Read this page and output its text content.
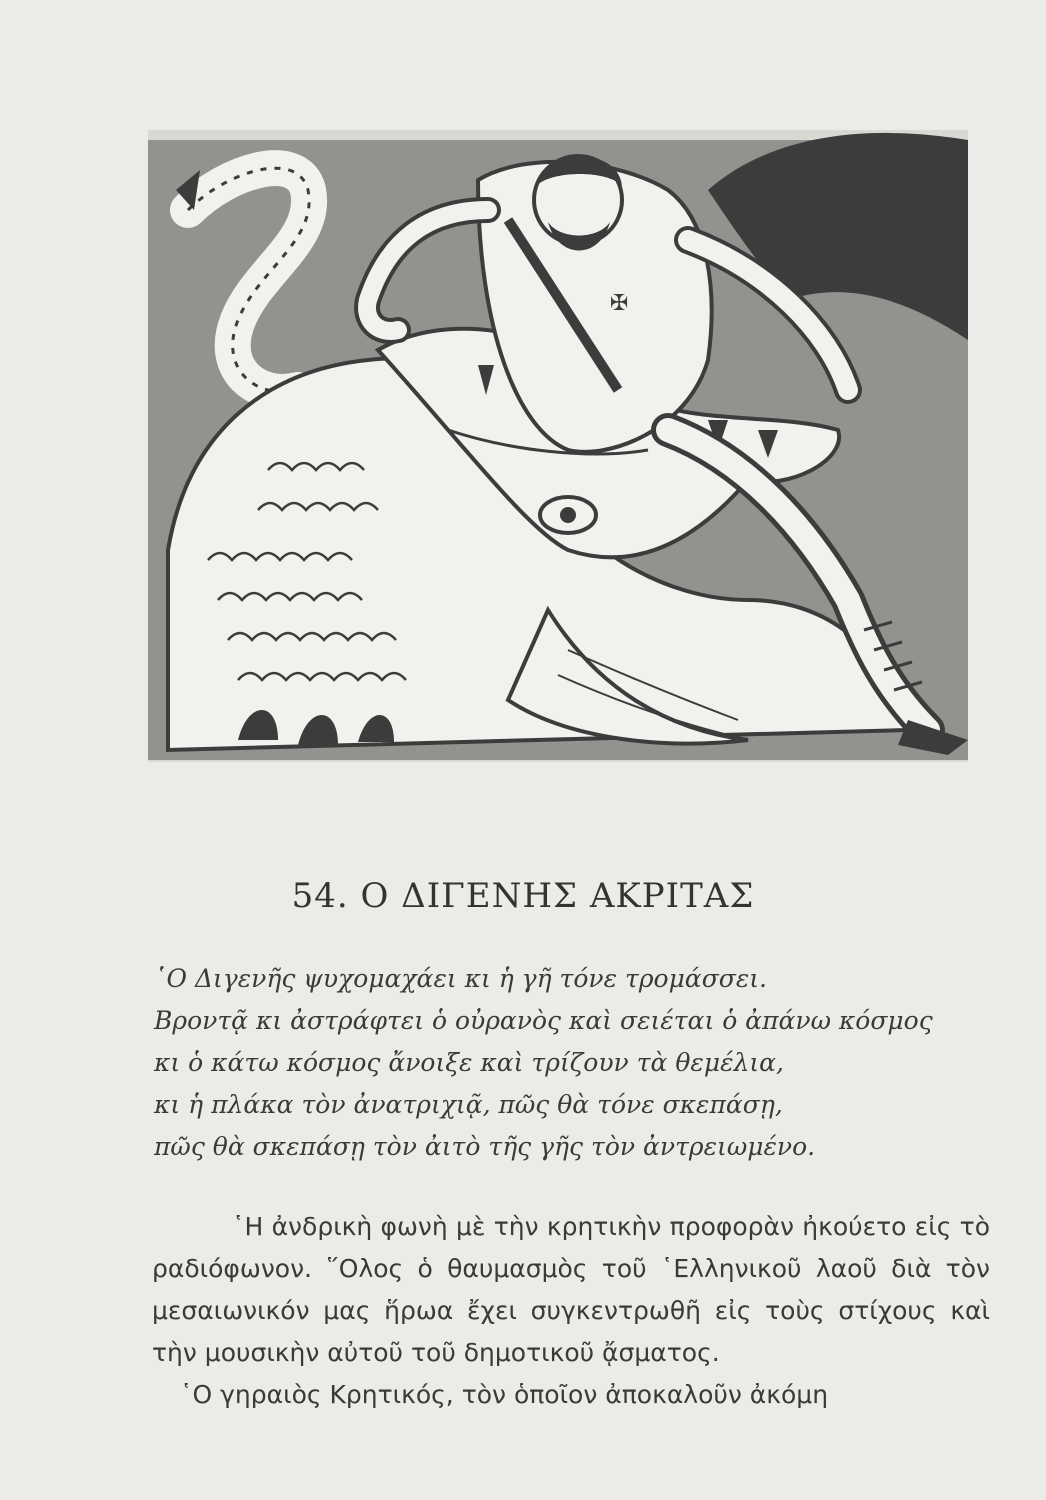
✠
54. Ο ΔΙΓΕΝΗΣ ΑΚΡΙΤΑΣ
῾Ο Διγενῆς ψυχομαχάει κι ἡ γῆ τόνε τρομάσσει.
Βροντᾷ κι ἀστράφτει ὁ οὐρανὸς καὶ σειέται ὁ ἀπάνω κόσμος
κι ὁ κάτω κόσμος ἄνοιξε καὶ τρίζουν τὰ θεμέλια,
κι ἡ πλάκα τὸν ἀνατριχιᾷ, πῶς θὰ τόνε σκεπάσῃ,
πῶς θὰ σκεπάσῃ τὸν ἀιτὸ τῆς γῆς τὸν ἀντρειωμένο.

῾Η ἀνδρικὴ φωνὴ μὲ τὴν κρητικὴν προφορὰν ἠκούετο εἰς τὸ ραδιόφωνον. ῞Ολος ὁ θαυμασμὸς τοῦ ῾Ελληνικοῦ λαοῦ διὰ τὸν μεσαιωνικόν μας ἥρωα ἔχει συγκεντρωθῆ εἰς τοὺς στίχους καὶ τὴν μουσικὴν αὐτοῦ τοῦ δημοτικοῦ ᾄσματος.

῾Ο γηραιὸς Κρητικός, τὸν ὁποῖον ἀποκαλοῦν ἀκόμη
